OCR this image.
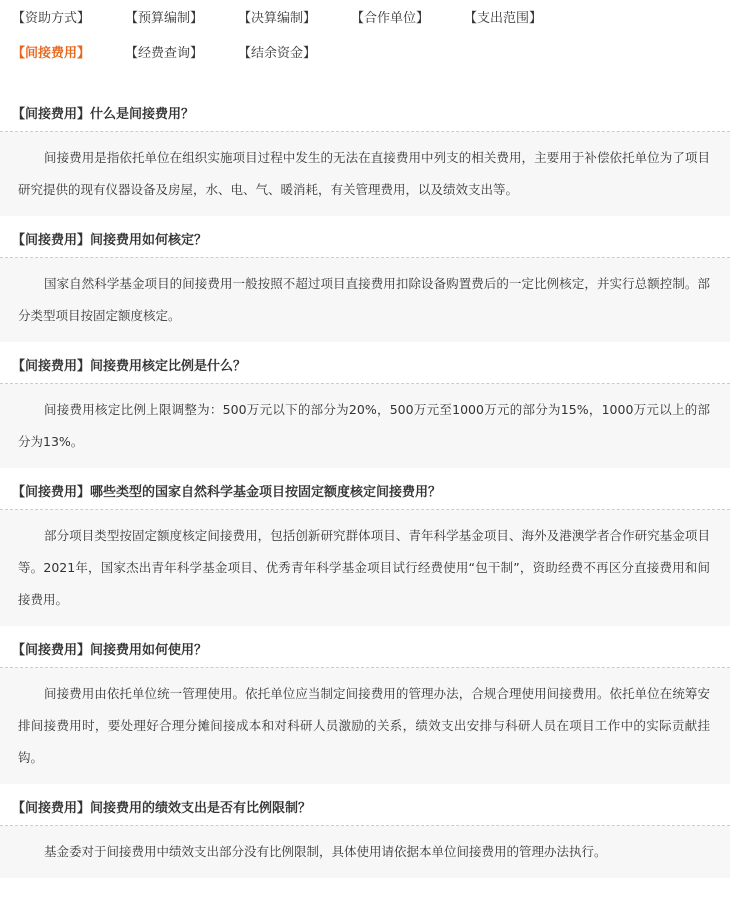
【资助方式】	【预算编制】	【决算编制】	【合作单位】	【支出范围】
【间接费用】	【经费查询】	【结余资金】
【间接费用】什么是间接费用？
间接费用是指依托单位在组织实施项目过程中发生的无法在直接费用中列支的相关费用，主要用于补偿依托单位为了项目研究提供的现有仪器设备及房屋，水、电、气、暖消耗，有关管理费用，以及绩效支出等。
【间接费用】间接费用如何核定？
国家自然科学基金项目的间接费用一般按照不超过项目直接费用扣除设备购置费后的一定比例核定，并实行总额控制。部分类型项目按固定额度核定。
【间接费用】间接费用核定比例是什么？
间接费用核定比例上限调整为：500万元以下的部分为20%，500万元至1000万元的部分为15%，1000万元以上的部分为13%。
【间接费用】哪些类型的国家自然科学基金项目按固定额度核定间接费用？
部分项目类型按固定额度核定间接费用，包括创新研究群体项目、青年科学基金项目、海外及港澳学者合作研究基金项目等。2021年，国家杰出青年科学基金项目、优秀青年科学基金项目试行经费使用“包干制”，资助经费不再区分直接费用和间接费用。
【间接费用】间接费用如何使用？
间接费用由依托单位统一管理使用。依托单位应当制定间接费用的管理办法，合规合理使用间接费用。依托单位在统筹安排间接费用时，要处理好合理分摊间接成本和对科研人员激励的关系，绩效支出安排与科研人员在项目工作中的实际贡献挂钩。
【间接费用】间接费用的绩效支出是否有比例限制？
基金委对于间接费用中绩效支出部分没有比例限制，具体使用请依据本单位间接费用的管理办法执行。
